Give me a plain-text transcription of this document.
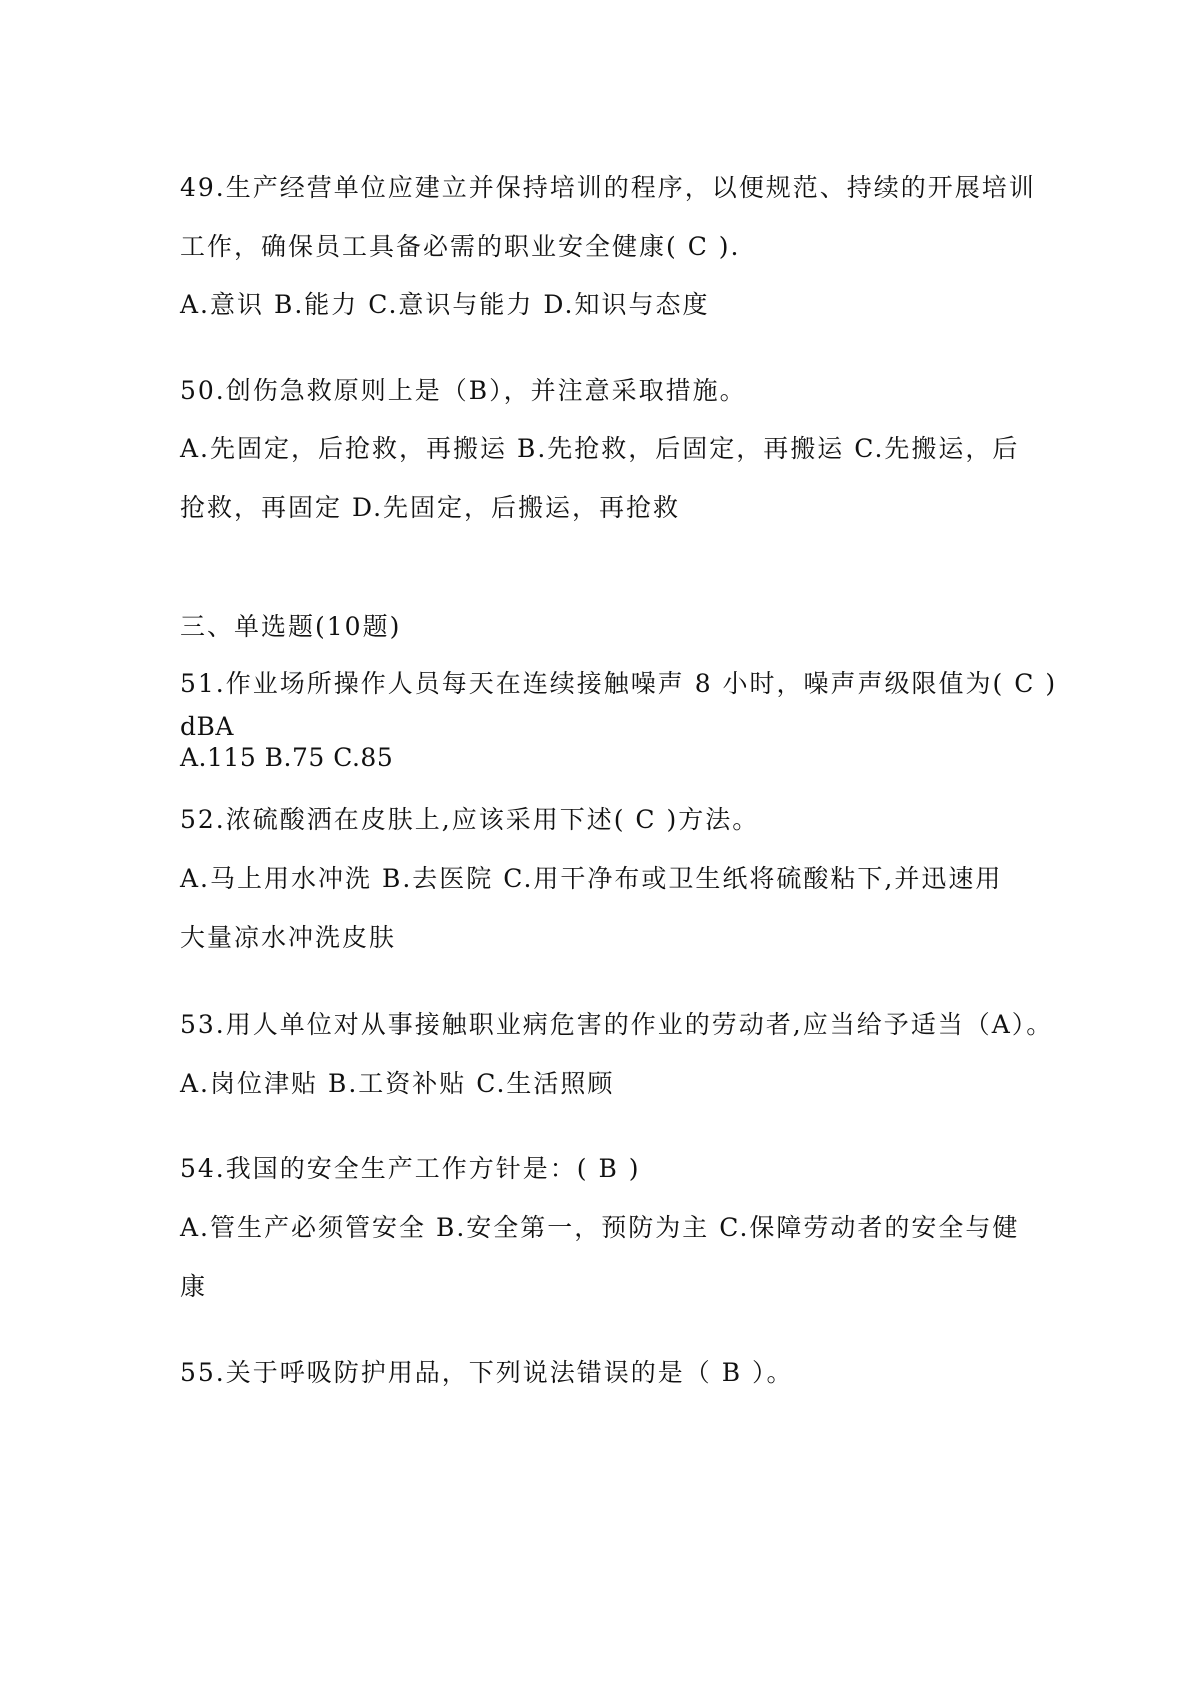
49.生产经营单位应建立并保持培训的程序，以便规范、持续的开展培训
工作，确保员工具备必需的职业安全健康( C ).
A.意识 B.能力 C.意识与能力 D.知识与态度
50.创伤急救原则上是（B），并注意采取措施。
A.先固定，后抢救，再搬运 B.先抢救，后固定，再搬运 C.先搬运，后
抢救，再固定 D.先固定，后搬运，再抢救
三、单选题(10题)
51.作业场所操作人员每天在连续接触噪声 8 小时，噪声声级限值为( C )
dBA
A.115 B.75 C.85
52.浓硫酸洒在皮肤上,应该采用下述( C )方法。
A.马上用水冲洗 B.去医院 C.用干净布或卫生纸将硫酸粘下,并迅速用
大量凉水冲洗皮肤
53.用人单位对从事接触职业病危害的作业的劳动者,应当给予适当（A）。
A.岗位津贴 B.工资补贴 C.生活照顾
54.我国的安全生产工作方针是：( B )
A.管生产必须管安全 B.安全第一，预防为主 C.保障劳动者的安全与健
康
55.关于呼吸防护用品，下列说法错误的是（ B ）。
